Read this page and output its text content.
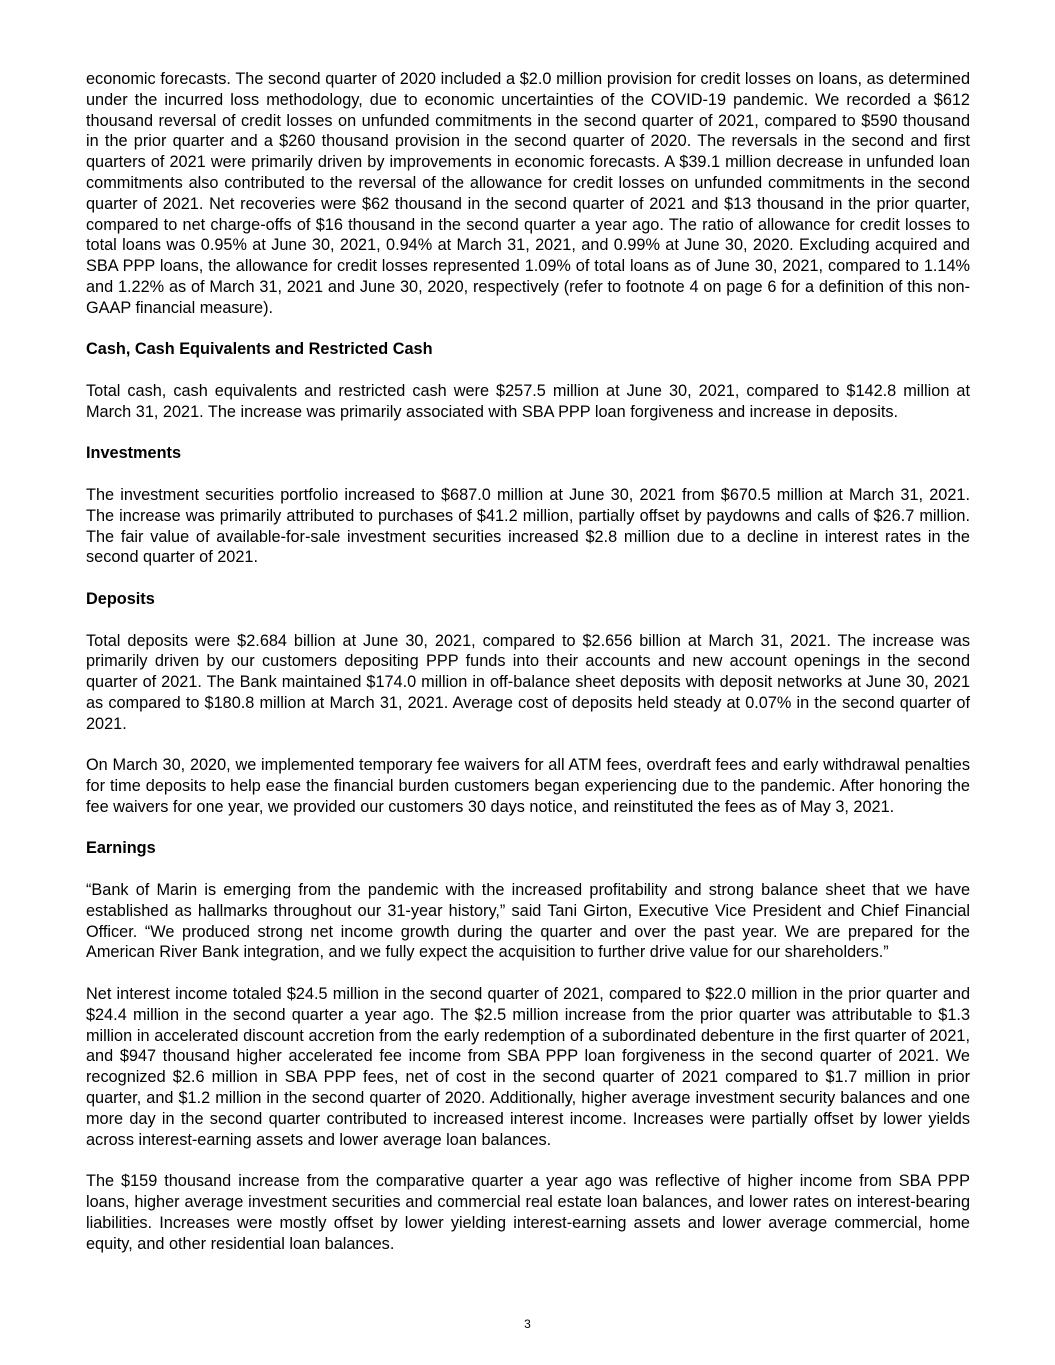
economic forecasts. The second quarter of 2020 included a $2.0 million provision for credit losses on loans, as determined under the incurred loss methodology, due to economic uncertainties of the COVID-19 pandemic. We recorded a $612 thousand reversal of credit losses on unfunded commitments in the second quarter of 2021, compared to $590 thousand in the prior quarter and a $260 thousand provision in the second quarter of 2020. The reversals in the second and first quarters of 2021 were primarily driven by improvements in economic forecasts. A $39.1 million decrease in unfunded loan commitments also contributed to the reversal of the allowance for credit losses on unfunded commitments in the second quarter of 2021. Net recoveries were $62 thousand in the second quarter of 2021 and $13 thousand in the prior quarter, compared to net charge-offs of $16 thousand in the second quarter a year ago. The ratio of allowance for credit losses to total loans was 0.95% at June 30, 2021, 0.94% at March 31, 2021, and 0.99% at June 30, 2020. Excluding acquired and SBA PPP loans, the allowance for credit losses represented 1.09% of total loans as of June 30, 2021, compared to 1.14% and 1.22% as of March 31, 2021 and June 30, 2020, respectively (refer to footnote 4 on page 6 for a definition of this non-GAAP financial measure).

Cash, Cash Equivalents and Restricted Cash

Total cash, cash equivalents and restricted cash were $257.5 million at June 30, 2021, compared to $142.8 million at March 31, 2021. The increase was primarily associated with SBA PPP loan forgiveness and increase in deposits.

Investments

The investment securities portfolio increased to $687.0 million at June 30, 2021 from $670.5 million at March 31, 2021. The increase was primarily attributed to purchases of $41.2 million, partially offset by paydowns and calls of $26.7 million. The fair value of available-for-sale investment securities increased $2.8 million due to a decline in interest rates in the second quarter of 2021.

Deposits

Total deposits were $2.684 billion at June 30, 2021, compared to $2.656 billion at March 31, 2021. The increase was primarily driven by our customers depositing PPP funds into their accounts and new account openings in the second quarter of 2021. The Bank maintained $174.0 million in off-balance sheet deposits with deposit networks at June 30, 2021 as compared to $180.8 million at March 31, 2021. Average cost of deposits held steady at 0.07% in the second quarter of 2021.

On March 30, 2020, we implemented temporary fee waivers for all ATM fees, overdraft fees and early withdrawal penalties for time deposits to help ease the financial burden customers began experiencing due to the pandemic. After honoring the fee waivers for one year, we provided our customers 30 days notice, and reinstituted the fees as of May 3, 2021.

Earnings

“Bank of Marin is emerging from the pandemic with the increased profitability and strong balance sheet that we have established as hallmarks throughout our 31-year history,” said Tani Girton, Executive Vice President and Chief Financial Officer. “We produced strong net income growth during the quarter and over the past year. We are prepared for the American River Bank integration, and we fully expect the acquisition to further drive value for our shareholders.”

Net interest income totaled $24.5 million in the second quarter of 2021, compared to $22.0 million in the prior quarter and $24.4 million in the second quarter a year ago. The $2.5 million increase from the prior quarter was attributable to $1.3 million in accelerated discount accretion from the early redemption of a subordinated debenture in the first quarter of 2021, and $947 thousand higher accelerated fee income from SBA PPP loan forgiveness in the second quarter of 2021. We recognized $2.6 million in SBA PPP fees, net of cost in the second quarter of 2021 compared to $1.7 million in prior quarter, and $1.2 million in the second quarter of 2020. Additionally, higher average investment security balances and one more day in the second quarter contributed to increased interest income. Increases were partially offset by lower yields across interest-earning assets and lower average loan balances.

The $159 thousand increase from the comparative quarter a year ago was reflective of higher income from SBA PPP loans, higher average investment securities and commercial real estate loan balances, and lower rates on interest-bearing liabilities. Increases were mostly offset by lower yielding interest-earning assets and lower average commercial, home equity, and other residential loan balances.

3
